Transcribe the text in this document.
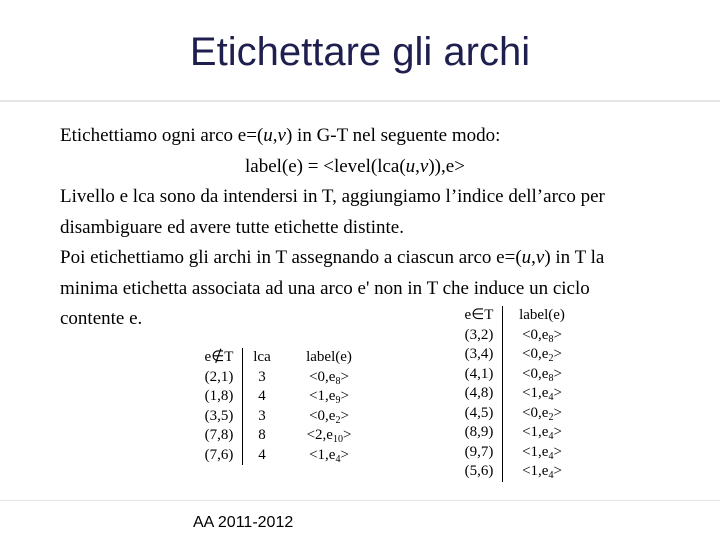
Etichettare gli archi
Etichettiamo ogni arco e=(u,v) in G-T nel seguente modo:
label(e) = <level(lca(u,v)),e>
Livello e lca sono da intendersi in T, aggiungiamo l’indice dell’arco per
disambiguare ed avere tutte etichette distinte.
Poi etichettiamo gli archi in T assegnando a ciascun arco e=(u,v) in T la
minima etichetta associata ad una arco e' non in T che induce un ciclo
contente e.
e∉T	lca	label(e)
(2,1)	3	$<0,e_8>$
(1,8)	4	$<1,e_9>$
(3,5)	3	$<0,e_2>$
(7,8)	8	$<2,e_{10}>$
(7,6)	4	$<1,e_4>$
e∈T	label(e)
(3,2)	$<0,e_8>$
(3,4)	$<0,e_2>$
(4,1)	$<0,e_8>$
(4,8)	$<1,e_4>$
(4,5)	$<0,e_2>$
(8,9)	$<1,e_4>$
(9,7)	$<1,e_4>$
(5,6)	$<1,e_4>$
AA 2011-2012
